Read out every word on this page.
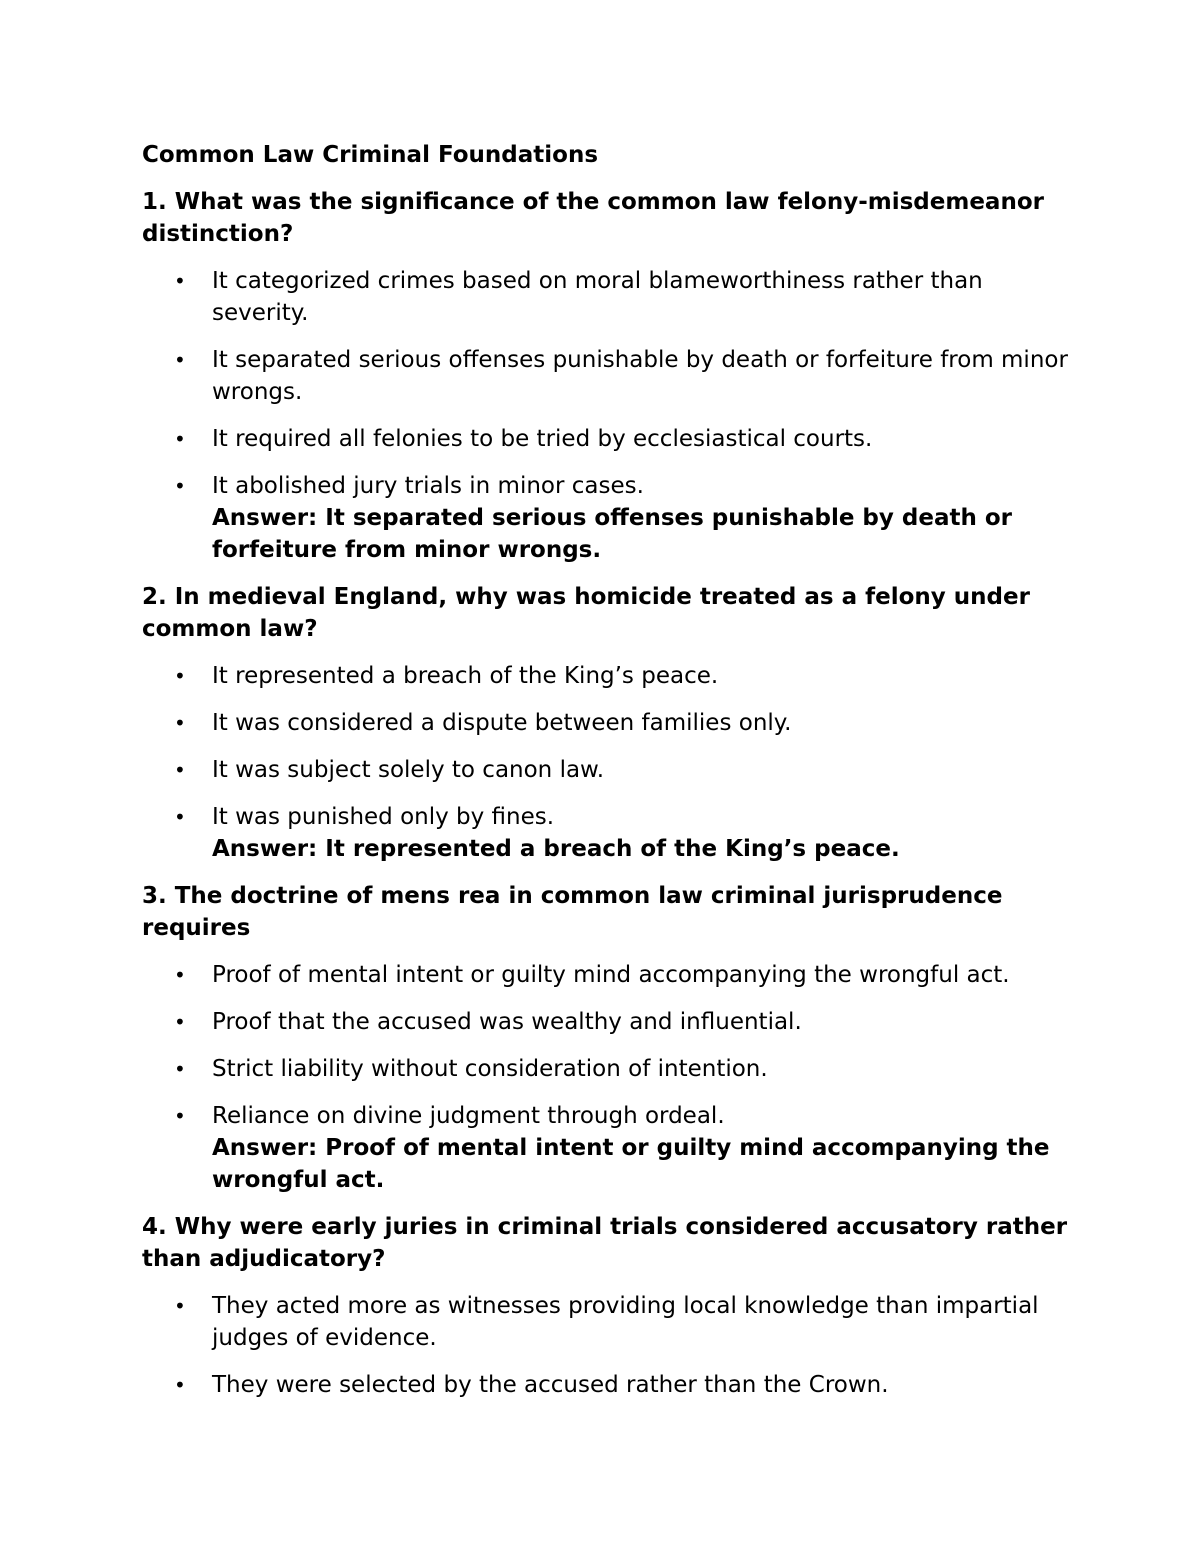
Common Law Criminal Foundations
1. What was the significance of the common law felony-misdemeanor distinction?
• It categorized crimes based on moral blameworthiness rather than severity.
• It separated serious offenses punishable by death or forfeiture from minor wrongs.
• It required all felonies to be tried by ecclesiastical courts.
• It abolished jury trials in minor cases.
Answer: It separated serious offenses punishable by death or forfeiture from minor wrongs.
2. In medieval England, why was homicide treated as a felony under common law?
• It represented a breach of the King’s peace.
• It was considered a dispute between families only.
• It was subject solely to canon law.
• It was punished only by fines.
Answer: It represented a breach of the King’s peace.
3. The doctrine of mens rea in common law criminal jurisprudence requires
• Proof of mental intent or guilty mind accompanying the wrongful act.
• Proof that the accused was wealthy and influential.
• Strict liability without consideration of intention.
• Reliance on divine judgment through ordeal.
Answer: Proof of mental intent or guilty mind accompanying the wrongful act.
4. Why were early juries in criminal trials considered accusatory rather than adjudicatory?
• They acted more as witnesses providing local knowledge than impartial judges of evidence.
• They were selected by the accused rather than the Crown.
